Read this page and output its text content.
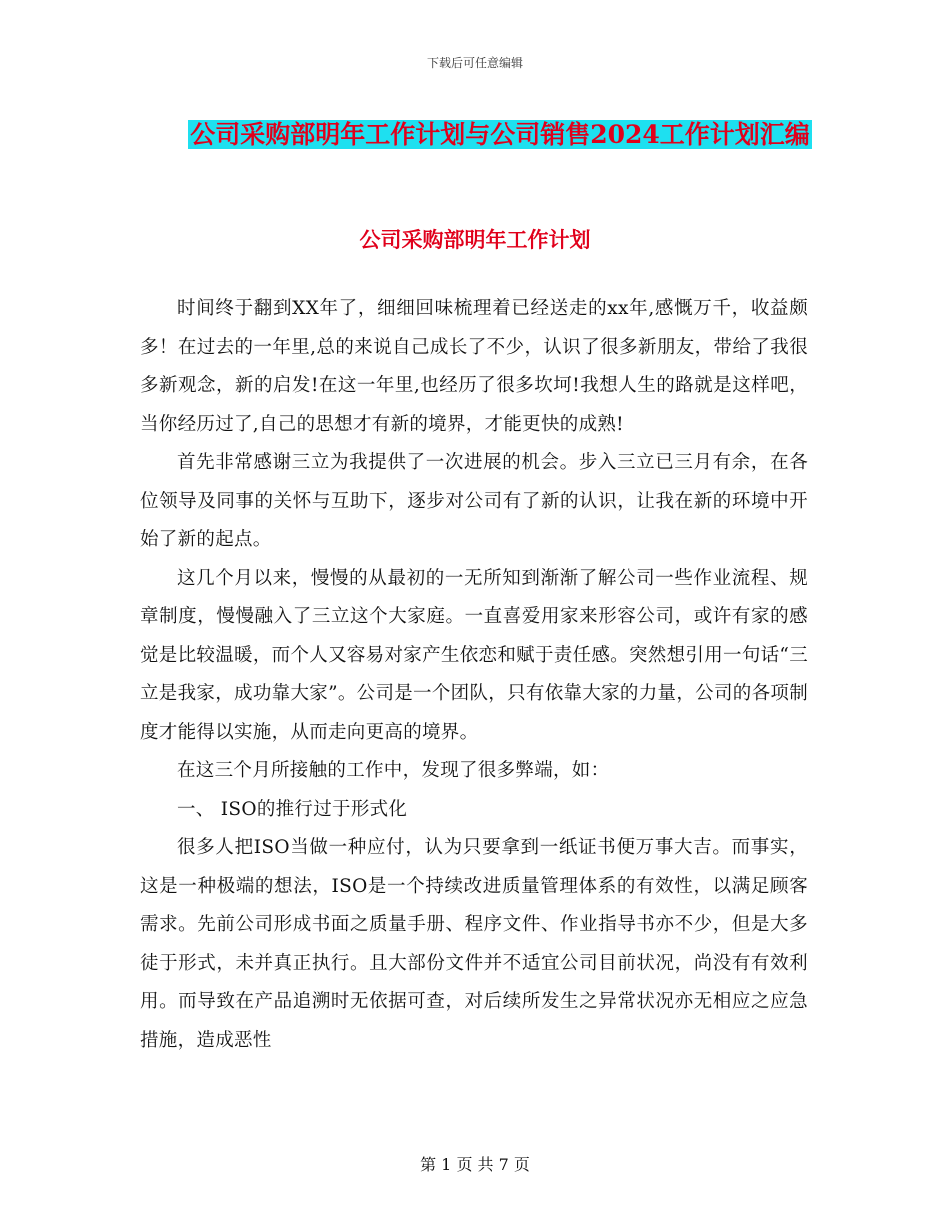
下载后可任意编辑
公司采购部明年工作计划与公司销售2024工作计划汇编
公司采购部明年工作计划

时间终于翻到XX年了，细细回味梳理着已经送走的xx年,感慨万千，收益颇多！在过去的一年里,总的来说自己成长了不少，认识了很多新朋友，带给了我很多新观念，新的启发!在这一年里,也经历了很多坎坷!我想人生的路就是这样吧，当你经历过了,自己的思想才有新的境界，才能更快的成熟!

首先非常感谢三立为我提供了一次进展的机会。步入三立已三月有余，在各位领导及同事的关怀与互助下，逐步对公司有了新的认识，让我在新的环境中开始了新的起点。

这几个月以来，慢慢的从最初的一无所知到渐渐了解公司一些作业流程、规章制度，慢慢融入了三立这个大家庭。一直喜爱用家来形容公司，或许有家的感觉是比较温暖，而个人又容易对家产生依恋和赋于责任感。突然想引用一句话“三立是我家，成功靠大家”。公司是一个团队，只有依靠大家的力量，公司的各项制度才能得以实施，从而走向更高的境界。

在这三个月所接触的工作中，发现了很多弊端，如：

一、 ISO的推行过于形式化

很多人把ISO当做一种应付，认为只要拿到一纸证书便万事大吉。而事实，这是一种极端的想法，ISO是一个持续改进质量管理体系的有效性，以满足顾客需求。先前公司形成书面之质量手册、程序文件、作业指导书亦不少，但是大多徒于形式，未并真正执行。且大部份文件并不适宜公司目前状况，尚没有有效利用。而导致在产品追溯时无依据可查，对后续所发生之异常状况亦无相应之应急措施，造成恶性

第 1 页 共 7 页
